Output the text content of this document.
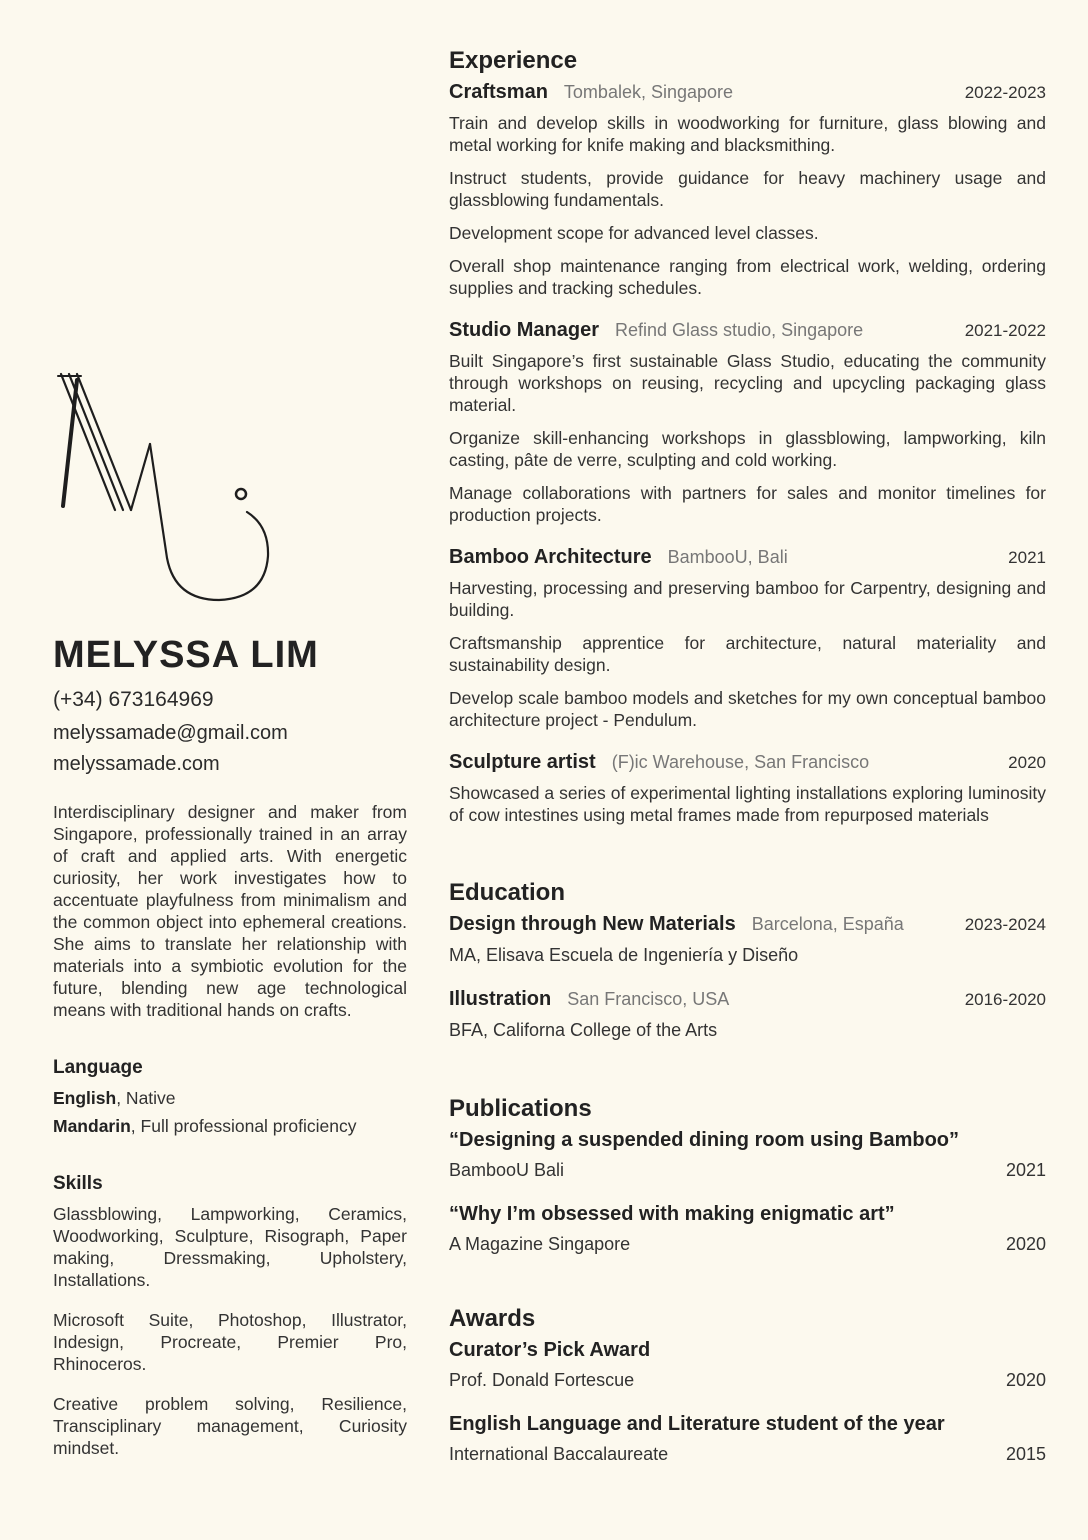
MELYSSA LIM
(+34) 673164969
melyssamade@gmail.com
melyssamade.com
Interdisciplinary designer and maker from Singapore, professionally trained in an array of craft and applied arts. With energetic curiosity, her work investigates how to accentuate playfulness from minimalism and the common object into ephemeral creations. She aims to translate her relationship with materials into a symbiotic evolution for the future, blending new age technological means with traditional hands on crafts.
Language
English, Native
Mandarin, Full professional proficiency
Skills
Glassblowing, Lampworking, Ceramics, Woodworking, Sculpture, Risograph, Paper making, Dressmaking, Upholstery, Installations.
Microsoft Suite, Photoshop, Illustrator, Indesign, Procreate, Premier Pro, Rhinoceros.
Creative problem solving, Resilience, Transciplinary management, Curiosity mindset.
Experience
Craftsman Tombalek, Singapore	2022-2023
Train and develop skills in woodworking for furniture, glass blowing and metal working for knife making and blacksmithing.
Instruct students, provide guidance for heavy machinery usage and glassblowing fundamentals.
Development scope for advanced level classes.
Overall shop maintenance ranging from electrical work, welding, ordering supplies and tracking schedules.
Studio Manager Refind Glass studio, Singapore	2021-2022
Built Singapore’s first sustainable Glass Studio, educating the community through workshops on reusing, recycling and upcycling packaging glass material.
Organize skill-enhancing workshops in glassblowing, lampworking, kiln casting, pâte de verre, sculpting and cold working.
Manage collaborations with partners for sales and monitor timelines for production projects.
Bamboo Architecture BambooU, Bali	2021
Harvesting, processing and preserving bamboo for Carpentry, designing and building.
Craftsmanship apprentice for architecture, natural materiality and sustainability design.
Develop scale bamboo models and sketches for my own conceptual bamboo architecture project - Pendulum.
Sculpture artist (F)ic Warehouse, San Francisco	2020
Showcased a series of experimental lighting installations exploring luminosity of cow intestines using metal frames made from repurposed materials
Education
Design through New Materials Barcelona, España	2023-2024
MA, Elisava Escuela de Ingeniería y Diseño
Illustration San Francisco, USA	2016-2020
BFA, Californa College of the Arts
Publications
“Designing a suspended dining room using Bamboo”
BambooU Bali	2021
“Why I’m obsessed with making enigmatic art”
A Magazine Singapore	2020
Awards
Curator’s Pick Award
Prof. Donald Fortescue	2020
English Language and Literature student of the year
International Baccalaureate	2015
